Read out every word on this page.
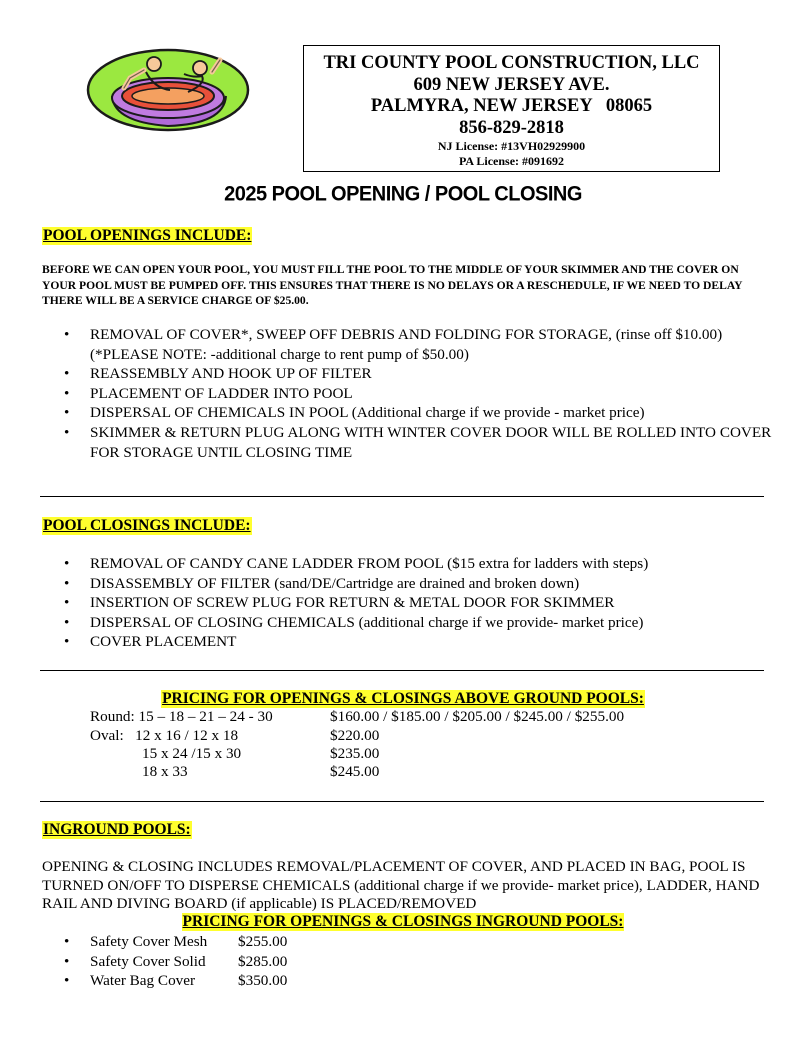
TRI COUNTY POOL CONSTRUCTION, LLC
609 NEW JERSEY AVE.
PALMYRA, NEW JERSEY   08065
856-829-2818
NJ License: #13VH02929900
PA License: #091692
2025 POOL OPENING / POOL CLOSING
POOL OPENINGS INCLUDE:
BEFORE WE CAN OPEN YOUR POOL, YOU MUST FILL THE POOL TO THE MIDDLE OF YOUR SKIMMER AND THE COVER ON YOUR POOL MUST BE PUMPED OFF. THIS ENSURES THAT THERE IS NO DELAYS OR A RESCHEDULE, IF WE NEED TO DELAY THERE WILL BE A SERVICE CHARGE OF $25.00.
• REMOVAL OF COVER*, SWEEP OFF DEBRIS AND FOLDING FOR STORAGE, (rinse off $10.00) (*PLEASE NOTE: -additional charge to rent pump of $50.00)
• REASSEMBLY AND HOOK UP OF FILTER
• PLACEMENT OF LADDER INTO POOL
• DISPERSAL OF CHEMICALS IN POOL (Additional charge if we provide - market price)
• SKIMMER & RETURN PLUG ALONG WITH WINTER COVER DOOR WILL BE ROLLED INTO COVER FOR STORAGE UNTIL CLOSING TIME
POOL CLOSINGS INCLUDE:
• REMOVAL OF CANDY CANE LADDER FROM POOL ($15 extra for ladders with steps)
• DISASSEMBLY OF FILTER (sand/DE/Cartridge are drained and broken down)
• INSERTION OF SCREW PLUG FOR RETURN & METAL DOOR FOR SKIMMER
• DISPERSAL OF CLOSING CHEMICALS (additional charge if we provide- market price)
• COVER PLACEMENT
PRICING FOR OPENINGS & CLOSINGS ABOVE GROUND POOLS:
Round: 15 – 18 – 21 – 24 - 30	$160.00 / $185.00 / $205.00 / $245.00 / $255.00
Oval:   12 x 16 / 12 x 18	$220.00
15 x 24 /15 x 30	$235.00
18 x 33	$245.00
INGROUND POOLS:
OPENING & CLOSING INCLUDES REMOVAL/PLACEMENT OF COVER, AND PLACED IN BAG, POOL IS TURNED ON/OFF TO DISPERSE CHEMICALS (additional charge if we provide- market price), LADDER, HAND RAIL AND DIVING BOARD (if applicable) IS PLACED/REMOVED
PRICING FOR OPENINGS & CLOSINGS INGROUND POOLS:
• Safety Cover Mesh $255.00
• Safety Cover Solid $285.00
• Water Bag Cover	$350.00
